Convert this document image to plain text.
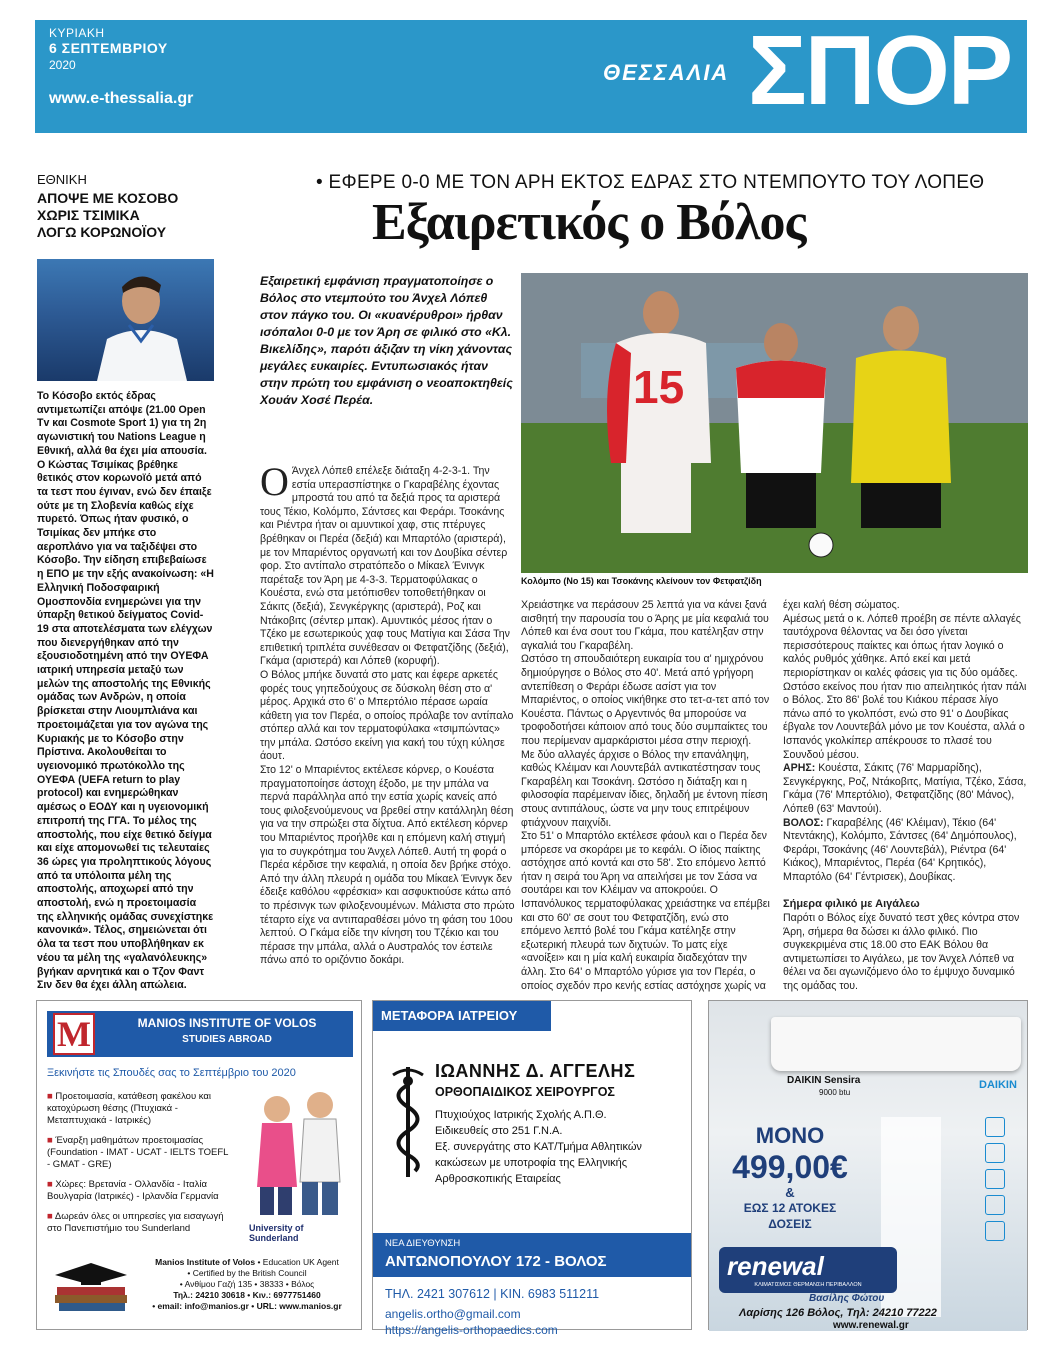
ΚΥΡΙΑΚΗ
6 ΣΕΠΤΕΜΒΡΙΟΥ
2020
www.e-thessalia.gr
ΘΕΣΣΑΛΙΑ ΣΠΟΡ
ΕΘΝΙΚΗ
ΑΠΟΨΕ ΜΕ ΚΟΣΟΒΟ
ΧΩΡΙΣ ΤΣΙΜΙΚΑ
ΛΟΓΩ ΚΟΡΩΝΟΪΟΥ
Το Κόσοβο εκτός έδρας αντιμετωπίζει απόψε (21.00 Open Tv και Cosmote Sport 1) για τη 2η αγωνιστική του Nations League η Εθνική, αλλά θα έχει μία απουσία. Ο Κώστας Τσιμίκας βρέθηκε θετικός στον κορωνοϊό μετά από τα τεστ που έγιναν, ενώ δεν έπαιξε ούτε με τη Σλοβενία καθώς είχε πυρετό. Όπως ήταν φυσικό, ο Τσιμίκας δεν μπήκε στο αεροπλάνο για να ταξιδέψει στο Κόσοβο. Την είδηση επιβεβαίωσε η ΕΠΟ με την εξής ανακοίνωση: «Η Ελληνική Ποδοσφαιρική Ομοσπονδία ενημερώνει για την ύπαρξη θετικού δείγματος Covid-19 στα αποτελέσματα των ελέγχων που διενεργήθηκαν από την εξουσιοδοτημένη από την ΟΥΕΦΑ ιατρική υπηρεσία μεταξύ των μελών της αποστολής της Εθνικής ομάδας των Ανδρών, η οποία βρίσκεται στην Λιουμπλιάνα και προετοιμάζεται για τον αγώνα της Κυριακής με το Κόσοβο στην Πρίστινα. Ακολουθείται το υγειονομικό πρωτόκολλο της ΟΥΕΦΑ (UEFA return to play protocol) και ενημερώθηκαν αμέσως ο ΕΟΔΥ και η υγειονομική επιτροπή της ΓΓΑ. Το μέλος της αποστολής, που είχε θετικό δείγμα και είχε απομονωθεί τις τελευταίες 36 ώρες για προληπτικούς λόγους από τα υπόλοιπα μέλη της αποστολής, αποχωρεί από την αποστολή, ενώ η προετοιμασία της ελληνικής ομάδας συνεχίστηκε κανονικά». Τέλος, σημειώνεται ότι όλα τα τεστ που υποβλήθηκαν εκ νέου τα μέλη της «γαλανόλευκης» βγήκαν αρνητικά και ο Τζον Φαντ Σιν δεν θα έχει άλλη απώλεια.
• ΕΦΕΡΕ 0-0 ΜΕ ΤΟΝ ΑΡΗ ΕΚΤΟΣ ΕΔΡΑΣ ΣΤΟ ΝΤΕΜΠΟΥΤΟ ΤΟΥ ΛΟΠΕΘ
Εξαιρετικός ο Βόλος
Εξαιρετική εμφάνιση πραγματοποίησε ο Βόλος στο ντεμπούτο του Άνχελ Λόπεθ στον πάγκο του. Οι «κυανέρυθροι» ήρθαν ισόπαλοι 0-0 με τον Άρη σε φιλικό στο «Κλ. Βικελίδης», παρότι άξιζαν τη νίκη χάνοντας μεγάλες ευκαιρίες. Εντυπωσιακός ήταν στην πρώτη του εμφάνιση ο νεοαποκτηθείς Χουάν Χοσέ Περέα.	15
Κολόμπο (Νο 15) και Τσοκάνης κλείνουν τον Φετφατζίδη
Ο Άνχελ Λόπεθ επέλεξε διάταξη 4-2-3-1. Την εστία υπερασπίστηκε ο Γκαραβέλης έχοντας μπροστά του από τα δεξιά προς τα αριστερά τους Τέκιο, Κολόμπο, Σάντσες και Φεράρι. Τσοκάνης και Ριέντρα ήταν οι αμυντικοί χαφ, στις πτέρυγες βρέθηκαν οι Περέα (δεξιά) και Μπαρτόλο (αριστερά), με τον Μπαριέντος οργανωτή και τον Δουβίκα σέντερ φορ. Στο αντίπαλο στρατόπεδο ο Μίκαελ Ένινγκ παρέταξε τον Άρη με 4-3-3. Τερματοφύλακας ο Κουέστα, ενώ στα μετόπισθεν τοποθετήθηκαν οι Σάκιτς (δεξιά), Σενγκέργκης (αριστερά), Ροζ και Ντάκοβιτς (σέντερ μπακ). Αμυντικός μέσος ήταν ο Τζέκο με εσωτερικούς χαφ τους Ματίγια και Σάσα Την επιθετική τριπλέτα συνέθεσαν οι Φετφατζίδης (δεξιά), Γκάμα (αριστερά) και Λόπεθ (κορυφή).

Ο Βόλος μπήκε δυνατά στο ματς και έφερε αρκετές φορές τους γηπεδούχους σε δύσκολη θέση στο α' μέρος. Αρχικά στο 6' ο Μπερτόλιο πέρασε ωραία κάθετη για τον Περέα, ο οποίος πρόλαβε τον αντίπαλο στόπερ αλλά και τον τερματοφύλακα «τσιμπώντας» την μπάλα. Ωστόσο εκείνη για κακή του τύχη κύλησε άουτ.

Στο 12' ο Μπαριέντος εκτέλεσε κόρνερ, ο Κουέστα πραγματοποίησε άστοχη έξοδο, με την μπάλα να περνά παράλληλα από την εστία χωρίς κανείς από τους φιλοξενούμενους να βρεθεί στην κατάλληλη θέση για να την σπρώξει στα δίχτυα. Από εκτέλεση κόρνερ του Μπαριέντος προήλθε και η επόμενη καλή στιγμή για το συγκρότημα του Άνχελ Λόπεθ. Αυτή τη φορά ο Περέα κέρδισε την κεφαλιά, η οποία δεν βρήκε στόχο.

Από την άλλη πλευρά η ομάδα του Μίκαελ Ένινγκ δεν έδειξε καθόλου «φρέσκια» και ασφυκτιούσε κάτω από το πρέσινγκ των φιλοξενουμένων. Μάλιστα στο πρώτο τέταρτο είχε να αντιπαραθέσει μόνο τη φάση του 10ου λεπτού. Ο Γκάμα είδε την κίνηση του Τζέκιο και του πέρασε την μπάλα, αλλά ο Αυστραλός τον έστειλε πάνω από το οριζόντιο δοκάρι.

Χρειάστηκε να περάσουν 25 λεπτά για να κάνει ξανά αισθητή την παρουσία του ο Άρης με μία κεφαλιά του Λόπεθ και ένα σουτ του Γκάμα, που κατέληξαν στην αγκαλιά του Γκαραβέλη.

Ωστόσο τη σπουδαιότερη ευκαιρία του α' ημιχρόνου δημιούργησε ο Βόλος στο 40'. Μετά από γρήγορη αντεπίθεση ο Φεράρι έδωσε ασίστ για τον Μπαριέντος, ο οποίος νικήθηκε στο τετ-α-τετ από τον Κουέστα. Πάντως ο Αργεντινός θα μπορούσε να τροφοδοτήσει κάποιον από τους δύο συμπαίκτες του που περίμεναν αμαρκάριστοι μέσα στην περιοχή.

Με δύο αλλαγές άρχισε ο Βόλος την επανάληψη, καθώς Κλέιμαν και Λουντεβάλ αντικατέστησαν τους Γκαραβέλη και Τσοκάνη. Ωστόσο η διάταξη και η φιλοσοφία παρέμειναν ίδιες, δηλαδή με έντονη πίεση στους αντιπάλους, ώστε να μην τους επιτρέψουν φτιάχνουν παιχνίδι.

Στο 51' ο Μπαρτόλο εκτέλεσε φάουλ και ο Περέα δεν μπόρεσε να σκοράρει με το κεφάλι. Ο ίδιος παίκτης αστόχησε από κοντά και στο 58'. Στο επόμενο λεπτό ήταν η σειρά του Άρη να απειλήσει με τον Σάσα να σουτάρει και τον Κλέιμαν να αποκρούει. Ο Ισπανόλυκος τερματοφύλακας χρειάστηκε να επέμβει και στο 60' σε σουτ του Φετφατζίδη, ενώ στο επόμενο λεπτό βολέ του Γκάμα κατέληξε στην εξωτερική πλευρά των διχτυών. Το ματς είχε «ανοίξει» και η μία καλή ευκαιρία διαδεχόταν την άλλη. Στο 64' ο Μπαρτόλο γύρισε για τον Περέα, ο οποίος σχεδόν προ κενής εστίας αστόχησε χωρίς να

έχει καλή θέση σώματος.

Αμέσως μετά ο κ. Λόπεθ προέβη σε πέντε αλλαγές ταυτόχρονα θέλοντας να δει όσο γίνεται περισσότερους παίκτες και όπως ήταν λογικό ο καλός ρυθμός χάθηκε. Από εκεί και μετά περιορίστηκαν οι καλές φάσεις για τις δύο ομάδες. Ωστόσο εκείνος που ήταν πιο απειλητικός ήταν πάλι ο Βόλος. Στο 86' βολέ του Κιάκου πέρασε λίγο πάνω από το γκολπόστ, ενώ στο 91' ο Δουβίκας έβγαλε τον Λουντεβάλ μόνο με τον Κουέστα, αλλά ο Ισπανός γκολκίπερ απέκρουσε το πλασέ του Σουνδού μέσου.

ΑΡΗΣ: Κουέστα, Σάκιτς (76' Μαρμαρίδης), Σενγκέργκης, Ροζ, Ντάκοβιτς, Ματίγια, Τζέκο, Σάσα, Γκάμα (76' Μπερτόλιο), Φετφατζίδης (80' Μάνος), Λόπεθ (63' Μαντούι).

ΒΟΛΟΣ: Γκαραβέλης (46' Κλέιμαν), Τέκιο (64' Ντεντάκης), Κολόμπο, Σάντσες (64' Δημόπουλος), Φεράρι, Τσοκάνης (46' Λουντεβάλ), Ριέντρα (64' Κιάκος), Μπαριέντος, Περέα (64' Κρητικός), Μπαρτόλο (64' Γέντρισεκ), Δουβίκας.

Σήμερα φιλικό με Αιγάλεω

Παρότι ο Βόλος είχε δυνατό τεστ χθες κόντρα στον Άρη, σήμερα θα δώσει κι άλλο φιλικό. Πιο συγκεκριμένα στις 18.00 στο ΕΑΚ Βόλου θα αντιμετωπίσει το Αιγάλεω, με τον Άνχελ Λόπεθ να θέλει να δει αγωνιζόμενο όλο το έμψυχο δυναμικό της ομάδας του.

M	MANIOS INSTITUTE OF VOLOS
STUDIES ABROAD
Ξεκινήστε τις Σπουδές σας το Σεπτέμβριο του 2020
■ Προετοιμασία, κατάθεση φακέλου και κατοχύρωση θέσης (Πτυχιακά - Μεταπτυχιακά - Ιατρικές)
■ Έναρξη μαθημάτων προετοιμασίας (Foundation - IMAT - UCAT - IELTS TOEFL - GMAT - GRE)
■ Χώρες: Βρετανία - Ολλανδία - Ιταλία Βουλγαρία (Ιατρικές) - Ιρλανδία Γερμανία
■ Δωρεάν όλες οι υπηρεσίες για εισαγωγή στο Πανεπιστήμιο του Sunderland	University of Sunderland
Manios Institute of Volos • Education UK Agent
• Certified by the British Council
• Ανθίμου Γαζή 135 • 38333 • Βόλος
Τηλ.: 24210 30618 • Κιν.: 6977751460
• email: info@manios.gr • URL: www.manios.gr
ΜΕΤΑΦΟΡΑ ΙΑΤΡΕΙΟΥ
ΙΩΑΝΝΗΣ Δ. ΑΓΓΕΛΗΣ
ΟΡΘΟΠΑΙΔΙΚΟΣ ΧΕΙΡΟΥΡΓΟΣ
Πτυχιούχος Ιατρικής Σχολής Α.Π.Θ.
Ειδικευθείς στο 251 Γ.Ν.Α.
Εξ. συνεργάτης στο ΚΑΤ/Τμήμα Αθλητικών κακώσεων με υποτροφία της Ελληνικής Αρθροσκοπικής Εταιρείας
ΝΕΑ ΔΙΕΥΘΥΝΣΗ
ΑΝΤΩΝΟΠΟΥΛΟΥ 172 - ΒΟΛΟΣ
ΤΗΛ. 2421 307612 | ΚΙΝ. 6983 511211
angelis.ortho@gmail.com
https://angelis-orthopaedics.com
DAIKIN Sensira
9000 btu
DAIKIN
ΜΟΝΟ
499,00€
&
ΕΩΣ 12 ΑΤΟΚΕΣ
ΔΟΣΕΙΣ
renewal
ΚΛΙΜΑΤΙΣΜΟΣ ΘΕΡΜΑΝΣΗ ΠΕΡΙΒΑΛΛΟΝ
Βασίλης Φώτου
Λαρίσης 126 Βόλος, Τηλ: 24210 77222
www.renewal.gr
